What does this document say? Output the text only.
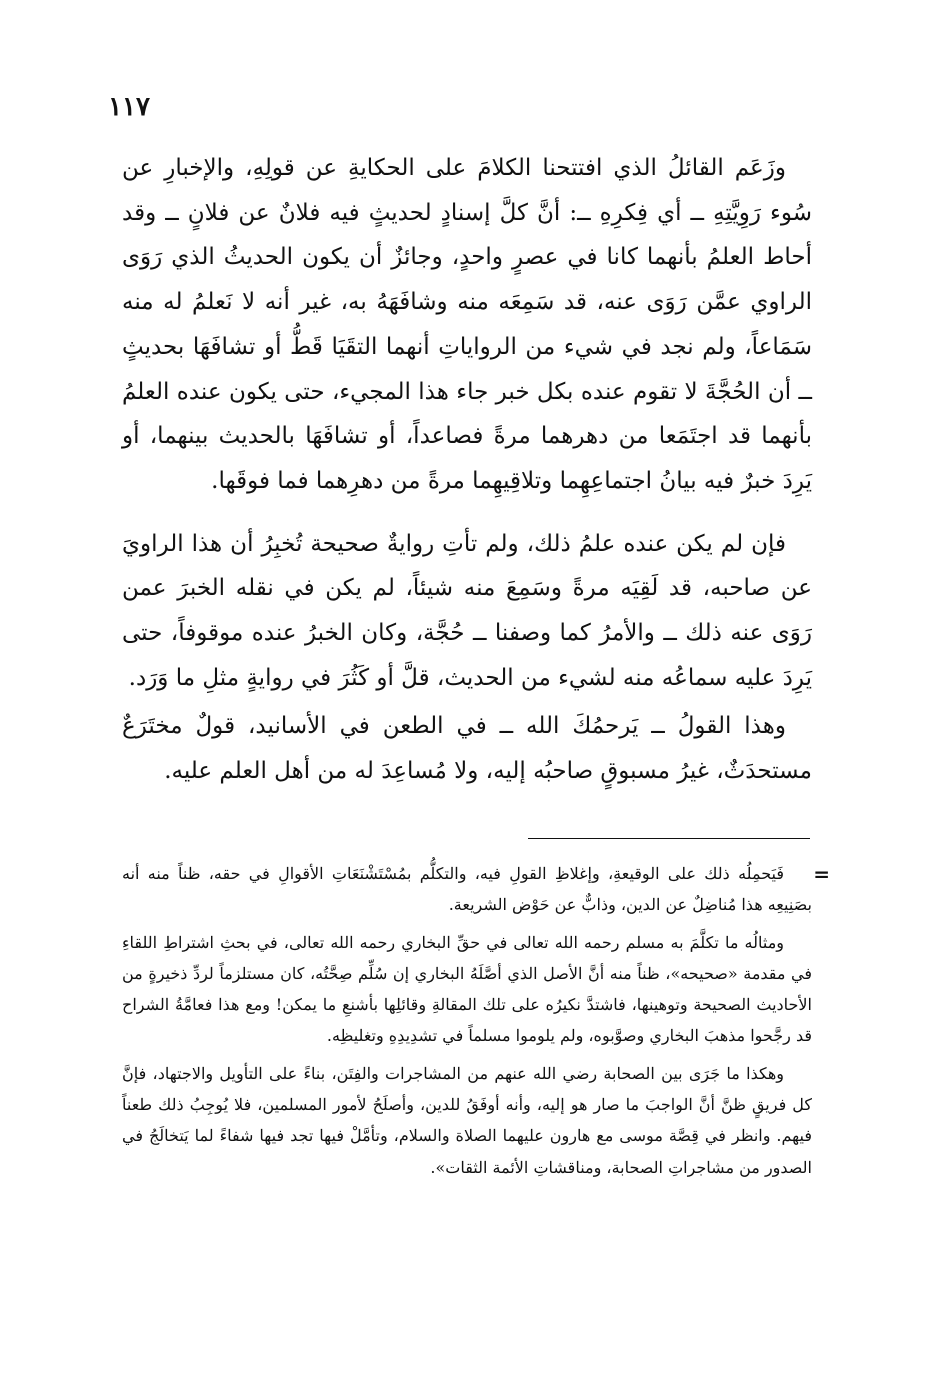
١١٧

وزَعَم القائلُ الذي افتتحنا الكلامَ على الحكايةِ عن قولِهِ، والإخبارِ عن سُوء رَوِيَّتِهِ ــ أي فِكرِهِ ــ: أنَّ كلَّ إسنادٍ لحديثٍ فيه فلانٌ عن فلانٍ ــ وقد أحاط العلمُ بأنهما كانا في عصرٍ واحدٍ، وجائزٌ أن يكون الحديثُ الذي رَوَى الراوي عمَّن رَوَى عنه، قد سَمِعَه منه وشافَهَهُ به، غير أنه لا نَعلمُ له منه سَمَاعاً، ولم نجد في شيء من الرواياتِ أنهما التقَيَا قَطُّ أو تشافَهَا بحديثٍ ــ أن الحُجَّةَ لا تقوم عنده بكل خبر جاء هذا المجيء، حتى يكون عنده العلمُ بأنهما قد اجتَمَعا من دهرهما مرةً فصاعداً، أو تشافَهَا بالحديث بينهما، أو يَرِدَ خبرٌ فيه بيانُ اجتماعِهِما وتلاقِيهِما مرةً من دهرِهما فما فوقَها.

فإن لم يكن عنده علمُ ذلك، ولم تأتِ روايةٌ صحيحة تُخبِرُ أن هذا الراويَ عن صاحبه، قد لَقِيَه مرةً وسَمِعَ منه شيئاً، لم يكن في نقله الخبرَ عمن رَوَى عنه ذلك ــ والأمرُ كما وصفنا ــ حُجَّة، وكان الخبرُ عنده موقوفاً، حتى يَرِدَ عليه سماعُه منه لشيء من الحديث، قلَّ أو كَثُرَ في روايةٍ مثلِ ما وَرَد.

وهذا القولُ ــ يَرحمُكَ الله ــ في الطعن في الأسانيد، قولٌ مختَرَعٌ مستحدَثٌ، غيرُ مسبوقٍ صاحبُه إليه، ولا مُساعِدَ له من أهل العلم عليه.

=

فَيَحمِلُه ذلك على الوقيعةِ، وإغلاظِ القولِ فيه، والتكلُّم بمُسْتَشْنَعَاتِ الأقوالِ في حقه، ظناً منه أنه بصَنِيعِه هذا مُناضِلٌ عن الدين، وذابٌّ عن حَوْض الشريعة.

ومثالُه ما تكلَّمَ به مسلم رحمه الله تعالى في حقِّ البخاري رحمه الله تعالى، في بحثِ اشتراطِ اللقاءِ في مقدمة «صحيحه»، ظناً منه أنَّ الأصل الذي أصَّلَهُ البخاري إن سُلِّم صِحَّتُه، كان مستلزماً لردِّ ذخيرةٍ من الأحاديث الصحيحة وتوهينها، فاشتدَّ نكيرُه على تلك المقالةِ وقائلِها بأشنعِ ما يمكن! ومع هذا فعامَّةُ الشراح قد رجَّحوا مذهبَ البخاري وصوَّبوه، ولم يلوموا مسلماً في تشدِيدِهِ وتغليظِه.

وهكذا ما جَرَى بين الصحابة رضي الله عنهم من المشاجرات والفِتَن، بناءً على التأويل والاجتهاد، فإنَّ كل فريقٍ ظنَّ أنَّ الواجبَ ما صار هو إليه، وأنه أوفَقُ للدين، وأصلَحُ لأمور المسلمين، فلا يُوجِبُ ذلك طعناً فيهم. وانظر في قِصَّة موسى مع هارون عليهما الصلاة والسلام، وتأمَّلْ فيها تجد فيها شفاءً لما يَتخالَجُ في الصدور من مشاجراتِ الصحابة، ومناقشاتِ الأئمة الثقات».
